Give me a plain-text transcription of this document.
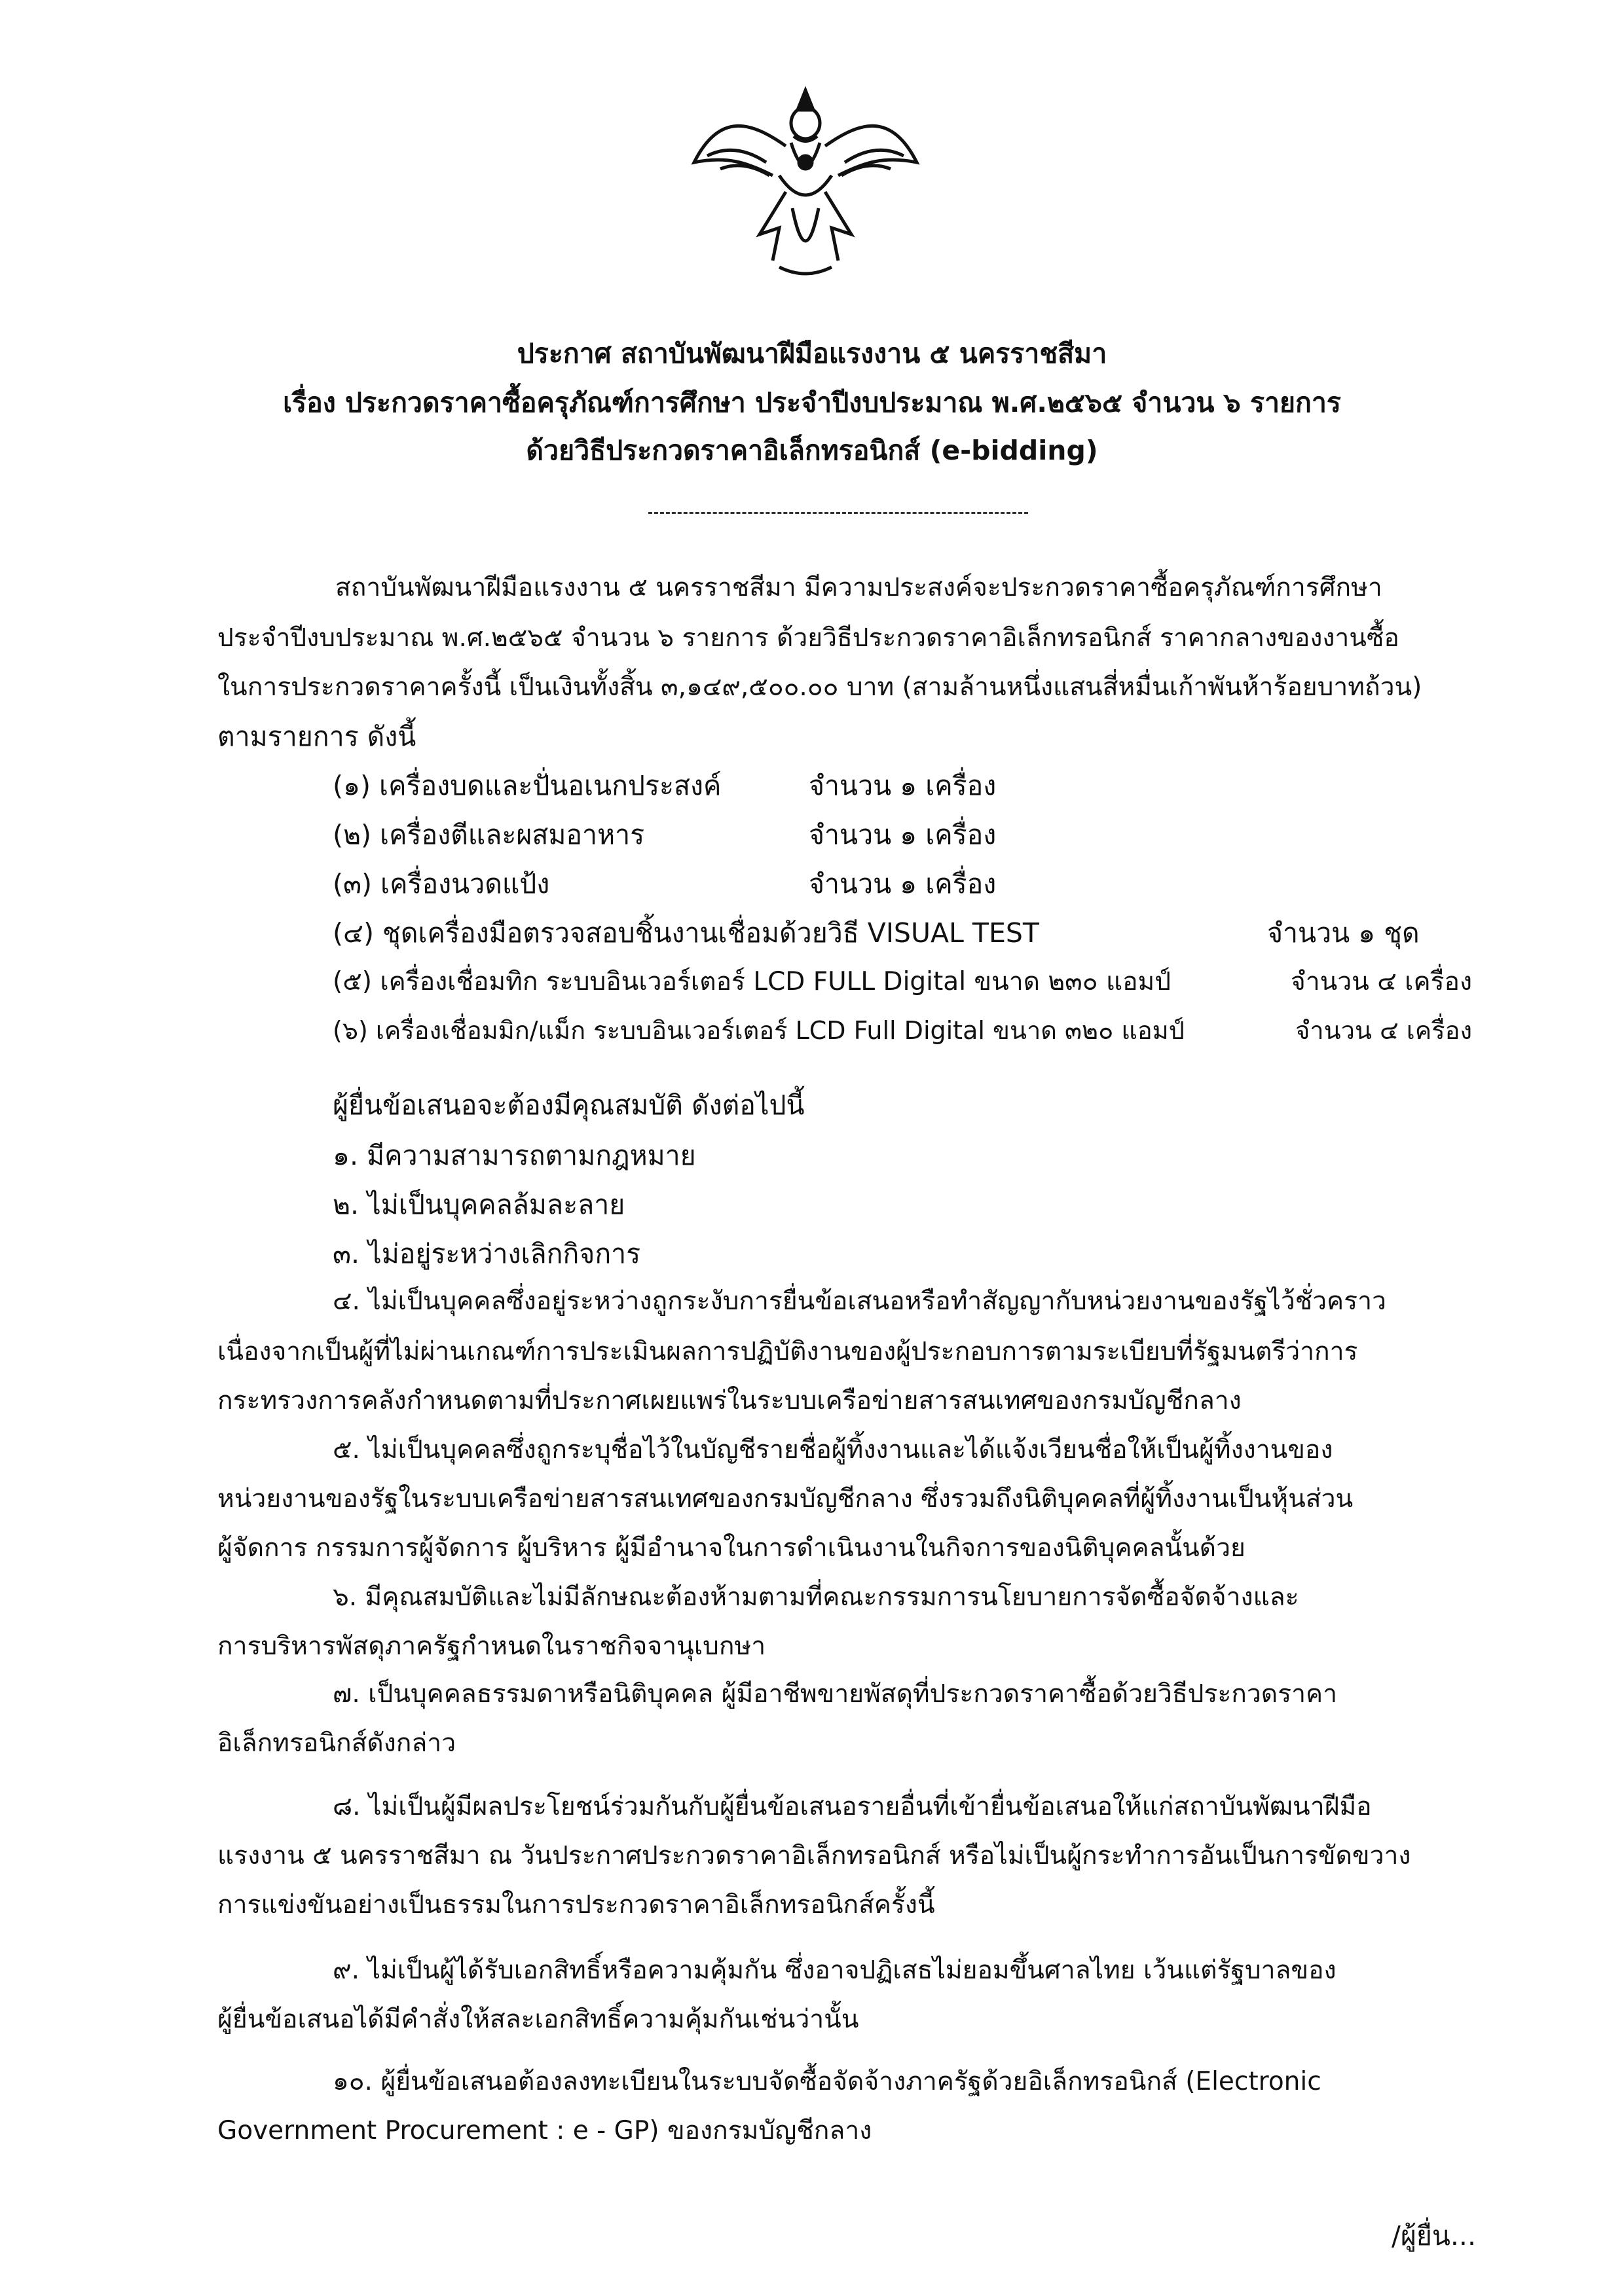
ประกาศ สถาบันพัฒนาฝีมือแรงงาน ๕ นครราชสีมา
เรื่อง ประกวดราคาซื้อครุภัณฑ์การศึกษา ประจำปีงบประมาณ พ.ศ.๒๕๖๕ จำนวน ๖ รายการ
ด้วยวิธีประกวดราคาอิเล็กทรอนิกส์ (e-bidding)
สถาบันพัฒนาฝีมือแรงงาน ๕ นครราชสีมา มีความประสงค์จะประกวดราคาซื้อครุภัณฑ์การศึกษา
ประจำปีงบประมาณ พ.ศ.๒๕๖๕ จำนวน ๖ รายการ ด้วยวิธีประกวดราคาอิเล็กทรอนิกส์ ราคากลางของงานซื้อ
ในการประกวดราคาครั้งนี้ เป็นเงินทั้งสิ้น ๓,๑๔๙,๕๐๐.๐๐ บาท (สามล้านหนึ่งแสนสี่หมื่นเก้าพันห้าร้อยบาทถ้วน)
ตามรายการ ดังนี้
(๑) เครื่องบดและปั่นอเนกประสงค์	จำนวน ๑ เครื่อง
(๒) เครื่องตีและผสมอาหาร	จำนวน ๑ เครื่อง
(๓) เครื่องนวดแป้ง	จำนวน ๑ เครื่อง
(๔) ชุดเครื่องมือตรวจสอบชิ้นงานเชื่อมด้วยวิธี VISUAL TEST	จำนวน ๑ ชุด
(๕) เครื่องเชื่อมทิก ระบบอินเวอร์เตอร์ LCD FULL Digital ขนาด ๒๓๐ แอมป์	จำนวน ๔ เครื่อง
(๖) เครื่องเชื่อมมิก/แม็ก ระบบอินเวอร์เตอร์ LCD Full Digital ขนาด ๓๒๐ แอมป์	จำนวน ๔ เครื่อง
ผู้ยื่นข้อเสนอจะต้องมีคุณสมบัติ ดังต่อไปนี้
๑. มีความสามารถตามกฎหมาย
๒. ไม่เป็นบุคคลล้มละลาย
๓. ไม่อยู่ระหว่างเลิกกิจการ
๔. ไม่เป็นบุคคลซึ่งอยู่ระหว่างถูกระงับการยื่นข้อเสนอหรือทำสัญญากับหน่วยงานของรัฐไว้ชั่วคราว
เนื่องจากเป็นผู้ที่ไม่ผ่านเกณฑ์การประเมินผลการปฏิบัติงานของผู้ประกอบการตามระเบียบที่รัฐมนตรีว่าการ
กระทรวงการคลังกำหนดตามที่ประกาศเผยแพร่ในระบบเครือข่ายสารสนเทศของกรมบัญชีกลาง
๕. ไม่เป็นบุคคลซึ่งถูกระบุชื่อไว้ในบัญชีรายชื่อผู้ทิ้งงานและได้แจ้งเวียนชื่อให้เป็นผู้ทิ้งงานของ
หน่วยงานของรัฐในระบบเครือข่ายสารสนเทศของกรมบัญชีกลาง ซึ่งรวมถึงนิติบุคคลที่ผู้ทิ้งงานเป็นหุ้นส่วน
ผู้จัดการ กรรมการผู้จัดการ ผู้บริหาร ผู้มีอำนาจในการดำเนินงานในกิจการของนิติบุคคลนั้นด้วย
๖. มีคุณสมบัติและไม่มีลักษณะต้องห้ามตามที่คณะกรรมการนโยบายการจัดซื้อจัดจ้างและ
การบริหารพัสดุภาครัฐกำหนดในราชกิจจานุเบกษา
๗. เป็นบุคคลธรรมดาหรือนิติบุคคล ผู้มีอาชีพขายพัสดุที่ประกวดราคาซื้อด้วยวิธีประกวดราคา
อิเล็กทรอนิกส์ดังกล่าว
๘. ไม่เป็นผู้มีผลประโยชน์ร่วมกันกับผู้ยื่นข้อเสนอรายอื่นที่เข้ายื่นข้อเสนอให้แก่สถาบันพัฒนาฝีมือ
แรงงาน ๕ นครราชสีมา ณ วันประกาศประกวดราคาอิเล็กทรอนิกส์ หรือไม่เป็นผู้กระทำการอันเป็นการขัดขวาง
การแข่งขันอย่างเป็นธรรมในการประกวดราคาอิเล็กทรอนิกส์ครั้งนี้
๙. ไม่เป็นผู้ได้รับเอกสิทธิ์หรือความคุ้มกัน ซึ่งอาจปฏิเสธไม่ยอมขึ้นศาลไทย เว้นแต่รัฐบาลของ
ผู้ยื่นข้อเสนอได้มีคำสั่งให้สละเอกสิทธิ์ความคุ้มกันเช่นว่านั้น
๑๐. ผู้ยื่นข้อเสนอต้องลงทะเบียนในระบบจัดซื้อจัดจ้างภาครัฐด้วยอิเล็กทรอนิกส์ (Electronic
Government Procurement : e - GP) ของกรมบัญชีกลาง
/ผู้ยื่น...
